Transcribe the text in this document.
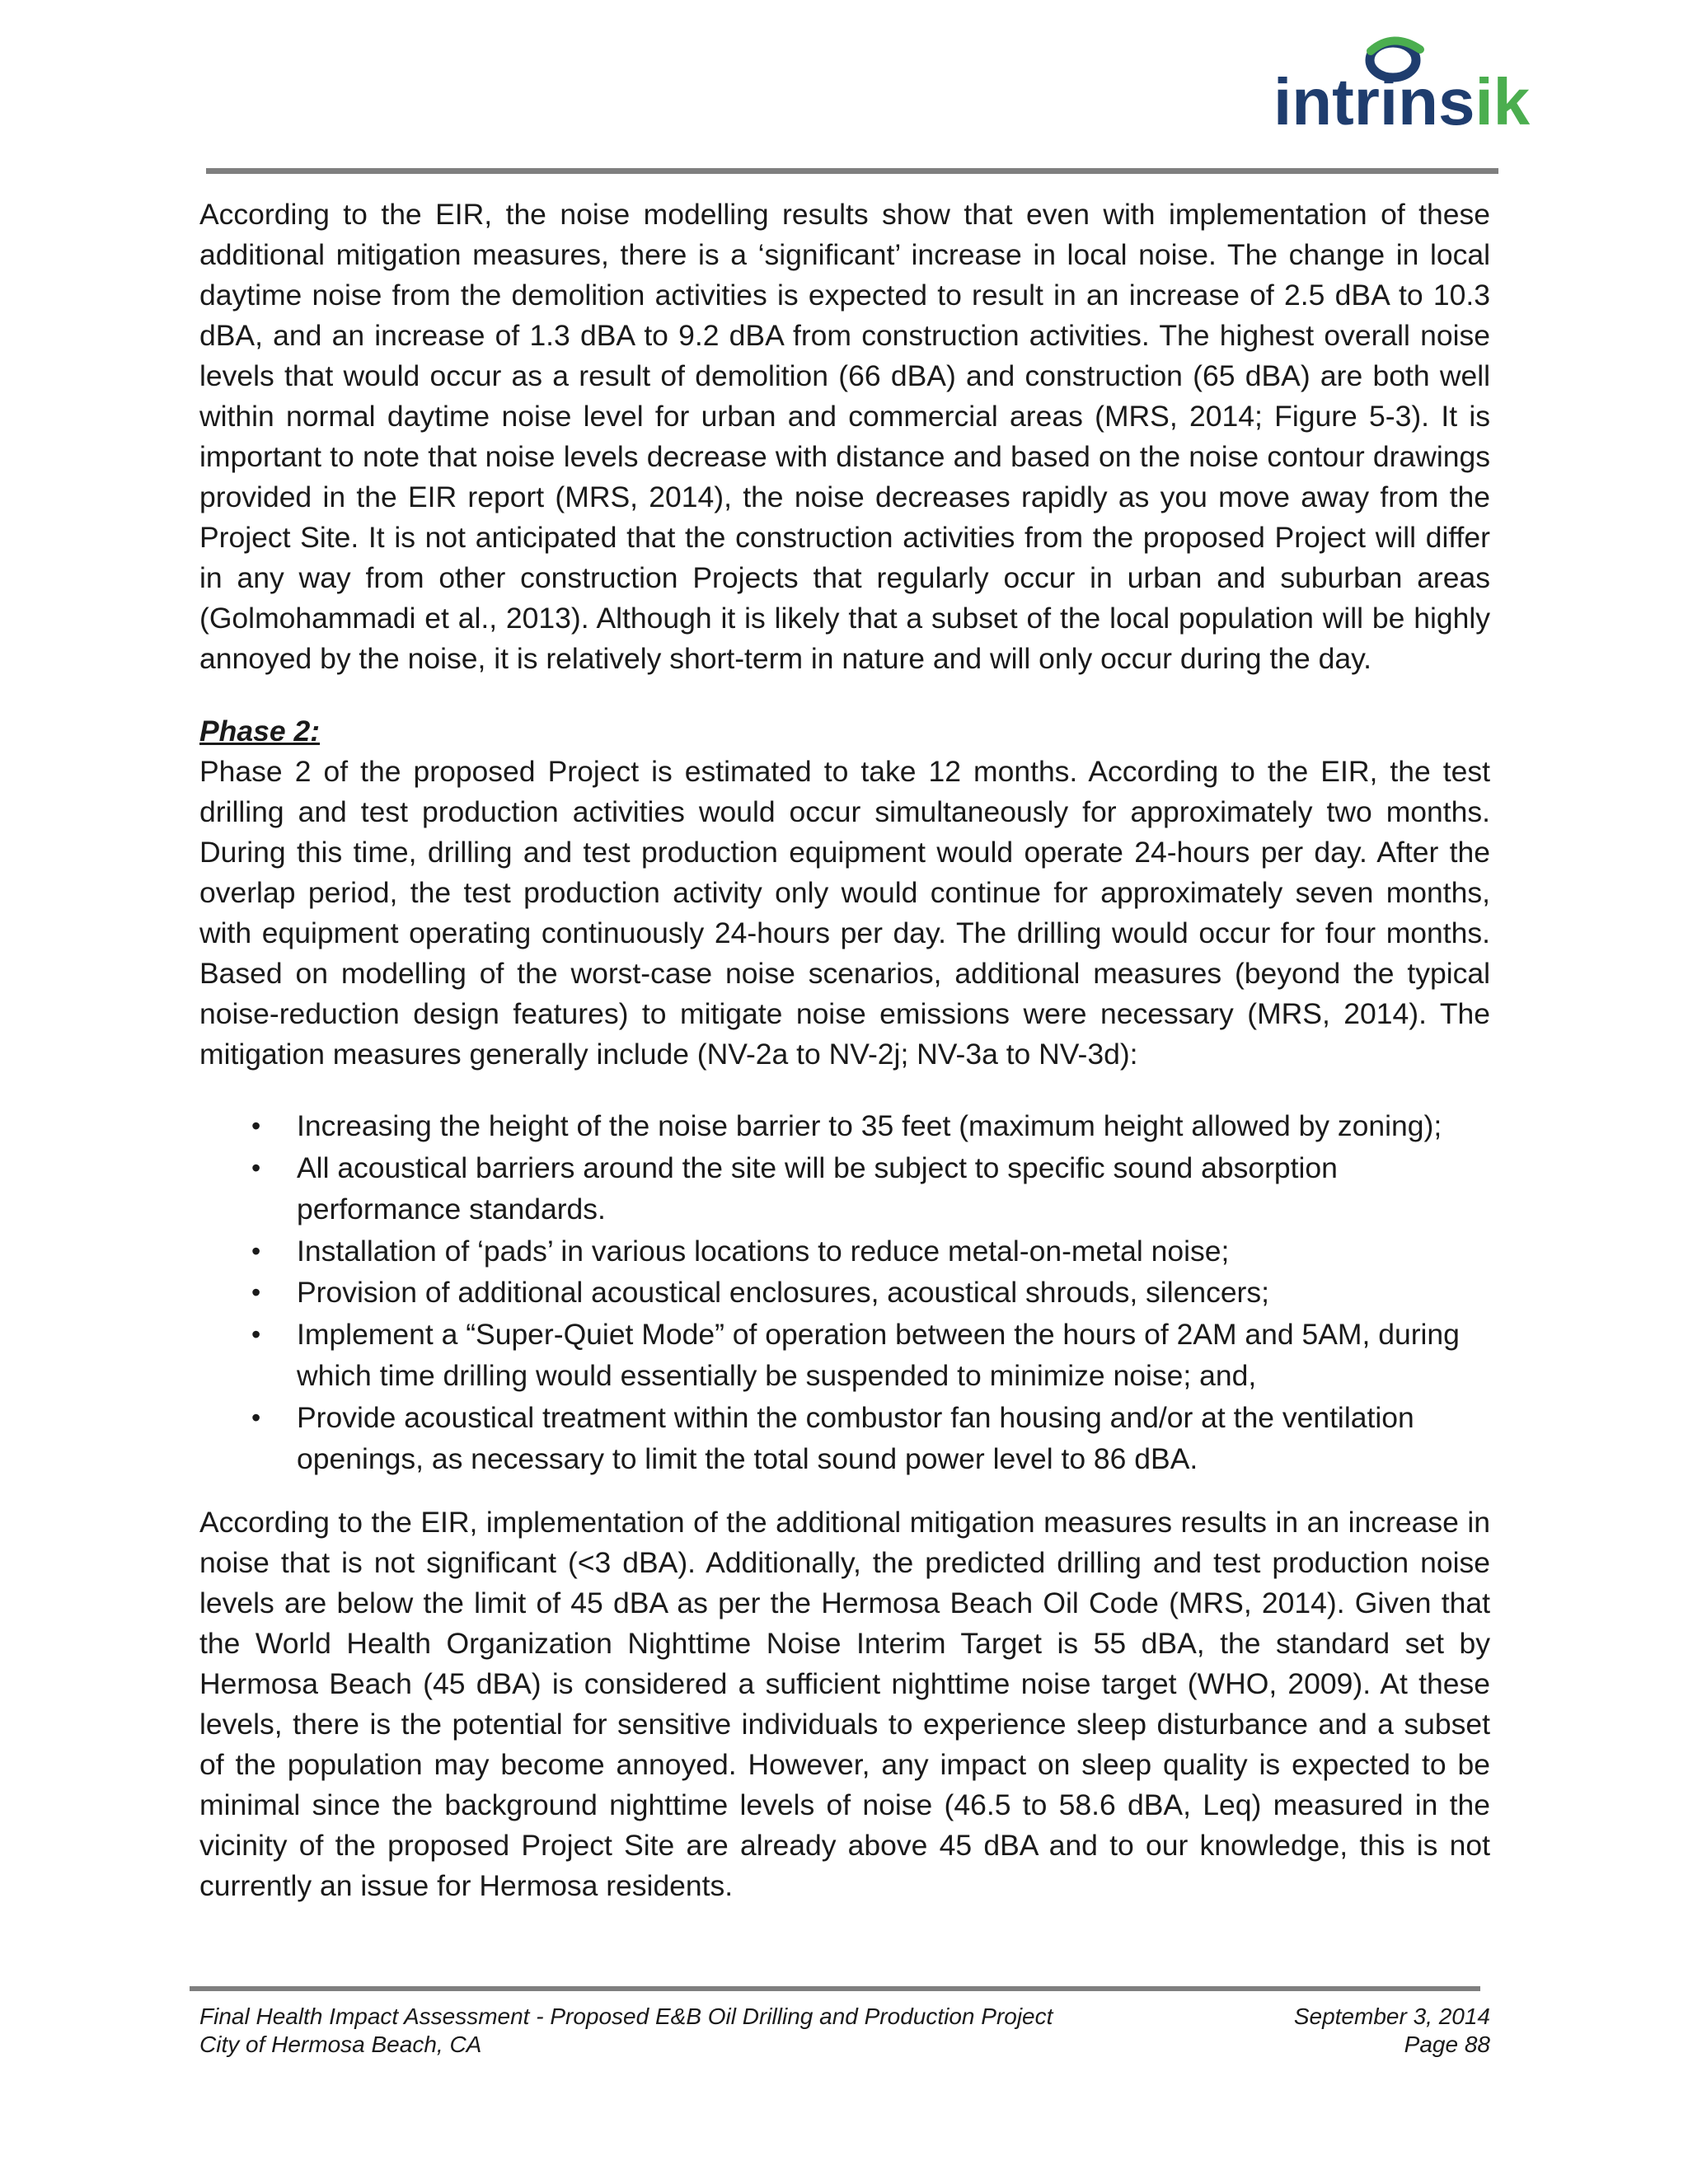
intrinsik

According to the EIR, the noise modelling results show that even with implementation of these additional mitigation measures, there is a ‘significant’ increase in local noise. The change in local daytime noise from the demolition activities is expected to result in an increase of 2.5 dBA to 10.3 dBA, and an increase of 1.3 dBA to 9.2 dBA from construction activities. The highest overall noise levels that would occur as a result of demolition (66 dBA) and construction (65 dBA) are both well within normal daytime noise level for urban and commercial areas (MRS, 2014; Figure 5-3). It is important to note that noise levels decrease with distance and based on the noise contour drawings provided in the EIR report (MRS, 2014), the noise decreases rapidly as you move away from the Project Site. It is not anticipated that the construction activities from the proposed Project will differ in any way from other construction Projects that regularly occur in urban and suburban areas (Golmohammadi et al., 2013). Although it is likely that a subset of the local population will be highly annoyed by the noise, it is relatively short-term in nature and will only occur during the day.

Phase 2:

Phase 2 of the proposed Project is estimated to take 12 months. According to the EIR, the test drilling and test production activities would occur simultaneously for approximately two months. During this time, drilling and test production equipment would operate 24-hours per day. After the overlap period, the test production activity only would continue for approximately seven months, with equipment operating continuously 24-hours per day. The drilling would occur for four months. Based on modelling of the worst-case noise scenarios, additional measures (beyond the typical noise-reduction design features) to mitigate noise emissions were necessary (MRS, 2014). The mitigation measures generally include (NV-2a to NV-2j; NV-3a to NV-3d):

• Increasing the height of the noise barrier to 35 feet (maximum height allowed by zoning);
• All acoustical barriers around the site will be subject to specific sound absorption performance standards.
• Installation of ‘pads’ in various locations to reduce metal-on-metal noise;
• Provision of additional acoustical enclosures, acoustical shrouds, silencers;
• Implement a “Super-Quiet Mode” of operation between the hours of 2AM and 5AM, during which time drilling would essentially be suspended to minimize noise; and,
• Provide acoustical treatment within the combustor fan housing and/or at the ventilation openings, as necessary to limit the total sound power level to 86 dBA.

According to the EIR, implementation of the additional mitigation measures results in an increase in noise that is not significant (<3 dBA). Additionally, the predicted drilling and test production noise levels are below the limit of 45 dBA as per the Hermosa Beach Oil Code (MRS, 2014). Given that the World Health Organization Nighttime Noise Interim Target is 55 dBA, the standard set by Hermosa Beach (45 dBA) is considered a sufficient nighttime noise target (WHO, 2009). At these levels, there is the potential for sensitive individuals to experience sleep disturbance and a subset of the population may become annoyed. However, any impact on sleep quality is expected to be minimal since the background nighttime levels of noise (46.5 to 58.6 dBA, Leq) measured in the vicinity of the proposed Project Site are already above 45 dBA and to our knowledge, this is not currently an issue for Hermosa residents.

Final Health Impact Assessment - Proposed E&B Oil Drilling and Production Project	September 3, 2014
City of Hermosa Beach, CA	Page 88
